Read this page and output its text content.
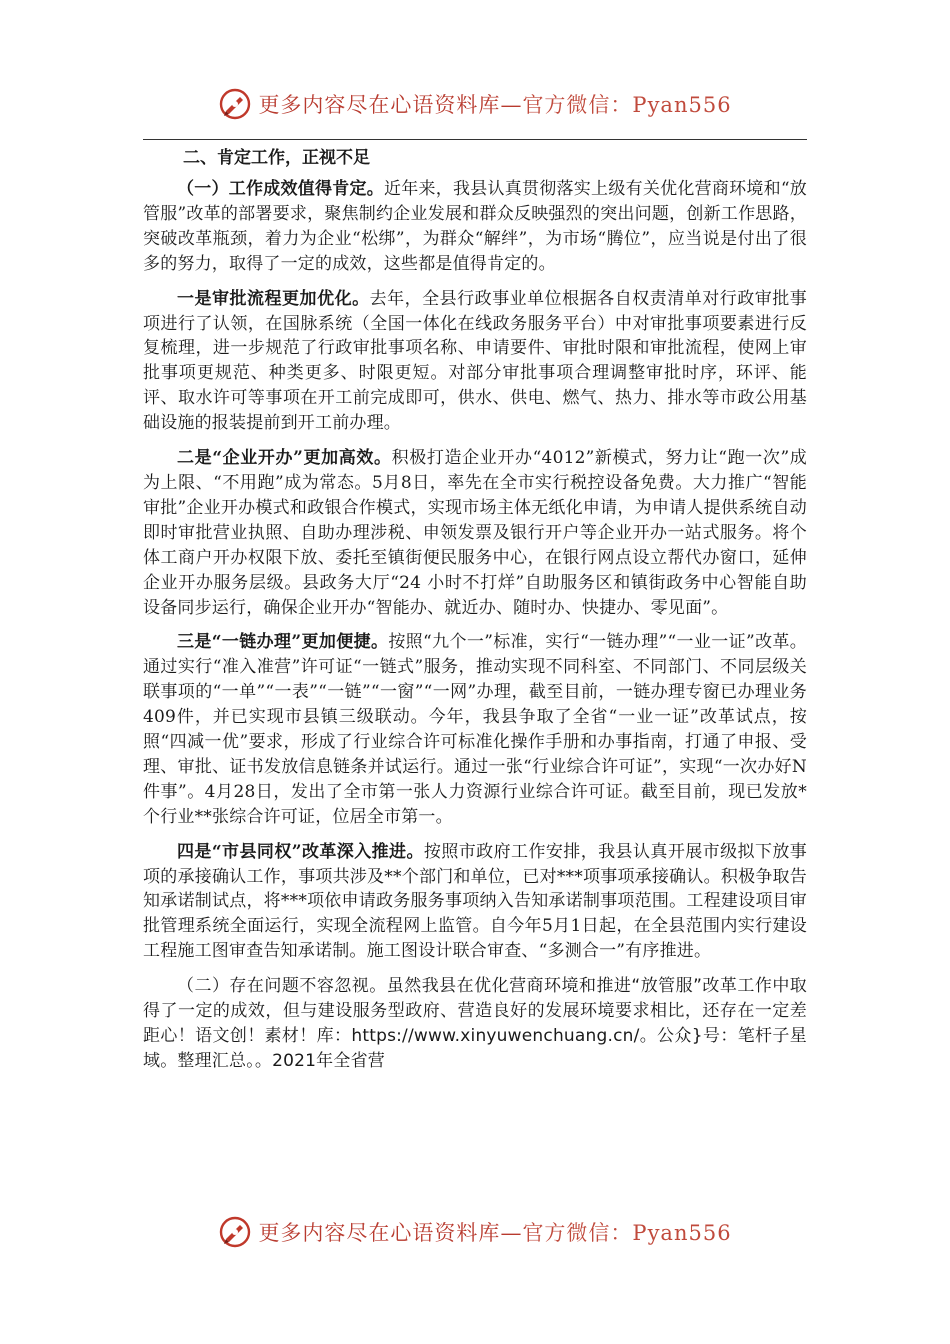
更多内容尽在心语资料库—官方微信：Pyan556
二、肯定工作，正视不足

（一）工作成效值得肯定。近年来，我县认真贯彻落实上级有关优化营商环境和“放管服”改革的部署要求，聚焦制约企业发展和群众反映强烈的突出问题，创新工作思路，突破改革瓶颈，着力为企业“松绑”，为群众“解绊”，为市场“腾位”，应当说是付出了很多的努力，取得了一定的成效，这些都是值得肯定的。

一是审批流程更加优化。去年，全县行政事业单位根据各自权责清单对行政审批事项进行了认领，在国脉系统（全国一体化在线政务服务平台）中对审批事项要素进行反复梳理，进一步规范了行政审批事项名称、申请要件、审批时限和审批流程，使网上审批事项更规范、种类更多、时限更短。对部分审批事项合理调整审批时序，环评、能评、取水许可等事项在开工前完成即可，供水、供电、燃气、热力、排水等市政公用基础设施的报装提前到开工前办理。

二是“企业开办”更加高效。积极打造企业开办“4012”新模式，努力让“跑一次”成为上限、“不用跑”成为常态。5月8日，率先在全市实行税控设备免费。大力推广“智能审批”企业开办模式和政银合作模式，实现市场主体无纸化申请，为申请人提供系统自动即时审批营业执照、自助办理涉税、申领发票及银行开户等企业开办一站式服务。将个体工商户开办权限下放、委托至镇街便民服务中心，在银行网点设立帮代办窗口，延伸企业开办服务层级。县政务大厅“24 小时不打烊”自助服务区和镇街政务中心智能自助设备同步运行，确保企业开办“智能办、就近办、随时办、快捷办、零见面”。

三是“一链办理”更加便捷。按照“九个一”标准，实行“一链办理”“一业一证”改革。通过实行“准入准营”许可证“一链式”服务，推动实现不同科室、不同部门、不同层级关联事项的“一单”“一表”“一链”“一窗”“一网”办理，截至目前，一链办理专窗已办理业务409件，并已实现市县镇三级联动。今年，我县争取了全省“一业一证”改革试点，按照“四减一优”要求，形成了行业综合许可标准化操作手册和办事指南，打通了申报、受理、审批、证书发放信息链条并试运行。通过一张“行业综合许可证”，实现“一次办好N件事”。4月28日，发出了全市第一张人力资源行业综合许可证。截至目前，现已发放*个行业**张综合许可证，位居全市第一。

四是“市县同权”改革深入推进。按照市政府工作安排，我县认真开展市级拟下放事项的承接确认工作，事项共涉及**个部门和单位，已对***项事项承接确认。积极争取告知承诺制试点，将***项依申请政务服务事项纳入告知承诺制事项范围。工程建设项目审批管理系统全面运行，实现全流程网上监管。自今年5月1日起，在全县范围内实行建设工程施工图审查告知承诺制。施工图设计联合审查、“多测合一”有序推进。

（二）存在问题不容忽视。虽然我县在优化营商环境和推进“放管服”改革工作中取得了一定的成效，但与建设服务型政府、营造良好的发展环境要求相比，还存在一定差距心！语文创！素材！库：https://www.xinyuwenchuang.cn/。公众}号：笔杆子星域。整理汇总。。2021年全省营

更多内容尽在心语资料库—官方微信：Pyan556
